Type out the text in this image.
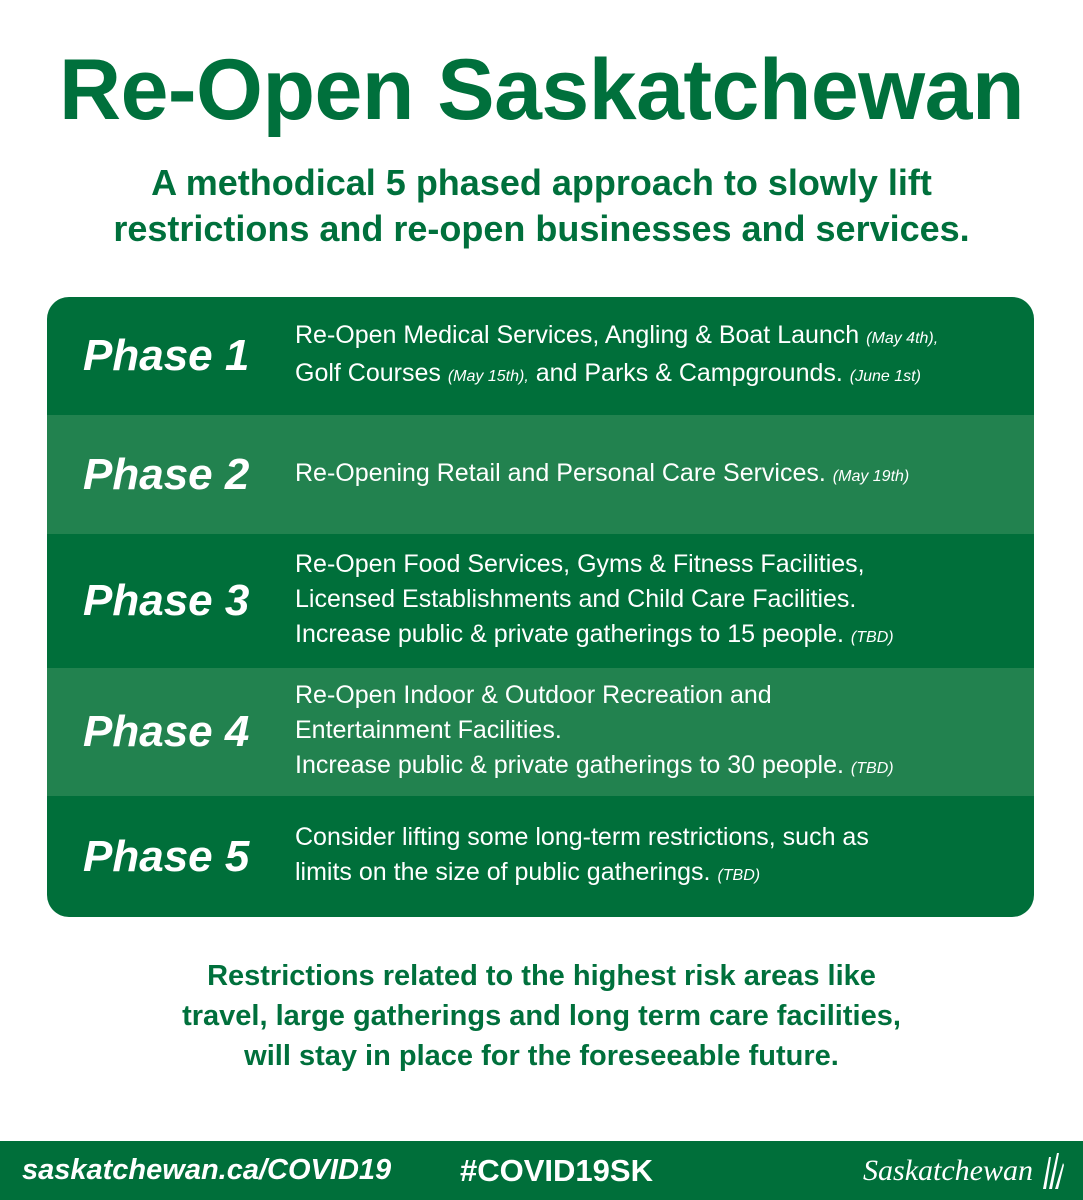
Re-Open Saskatchewan
A methodical 5 phased approach to slowly lift
restrictions and re-open businesses and services.
Phase 1 Re-Open Medical Services, Angling & Boat Launch (May 4th),
Golf Courses (May 15th), and Parks & Campgrounds. (June 1st)
Phase 2 Re-Opening Retail and Personal Care Services. (May 19th)
Phase 3
Re-Open Food Services, Gyms & Fitness Facilities,
Licensed Establishments and Child Care Facilities.
Increase public & private gatherings to 15 people. (TBD)
Phase 4
Re-Open Indoor & Outdoor Recreation and
Entertainment Facilities.
Increase public & private gatherings to 30 people. (TBD)
Phase 5 Consider lifting some long-term restrictions, such as
limits on the size of public gatherings. (TBD)
Restrictions related to the highest risk areas like
travel, large gatherings and long term care facilities,
will stay in place for the foreseeable future.
saskatchewan.ca/COVID19 #COVID19SK	Saskatchewan
